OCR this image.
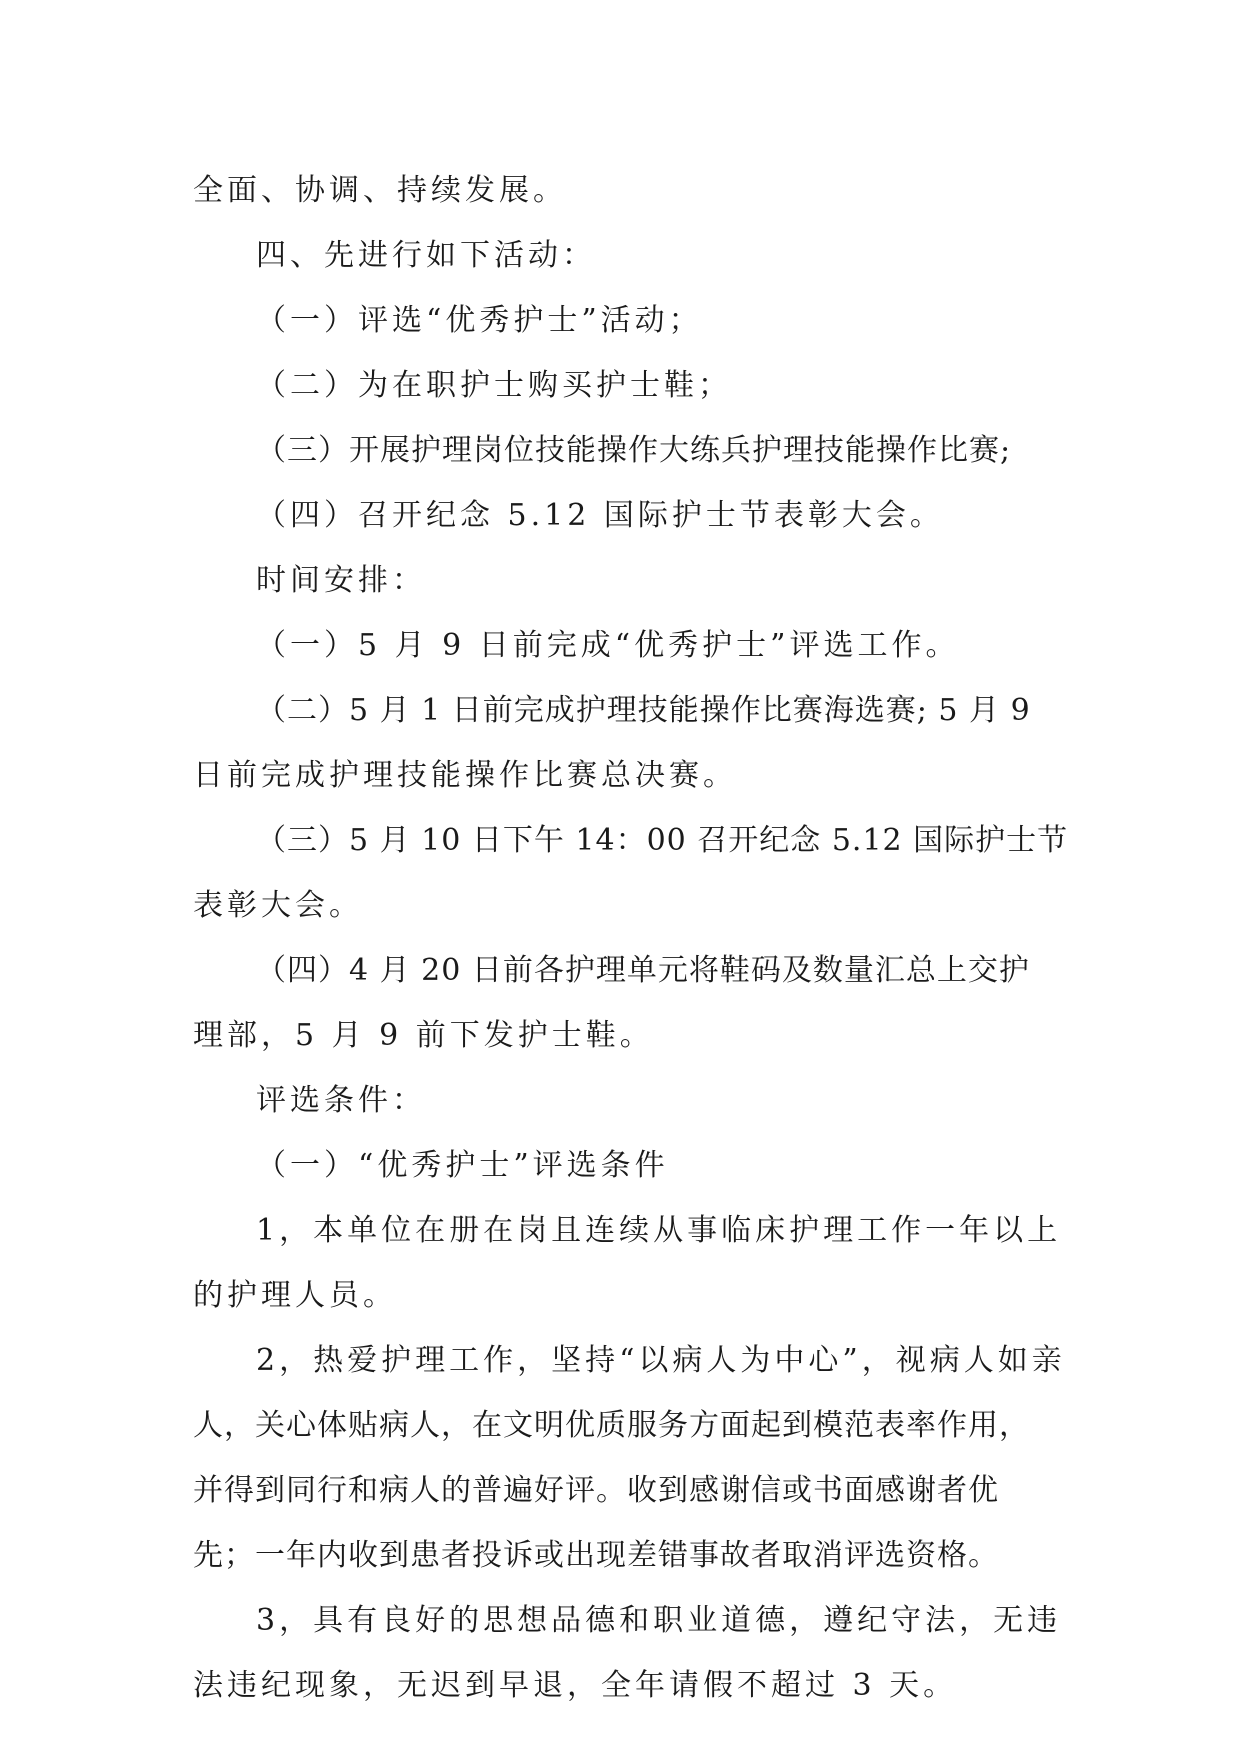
全面、协调、持续发展。

四、先进行如下活动：

（一）评选“优秀护士”活动；

（二）为在职护士购买护士鞋；

（三）开展护理岗位技能操作大练兵护理技能操作比赛;

（四）召开纪念 5.12 国际护士节表彰大会。

时间安排：

（一）5 月 9 日前完成“优秀护士”评选工作。

（二）5 月 1 日前完成护理技能操作比赛海选赛; 5 月 9

日前完成护理技能操作比赛总决赛。

（三）5 月 10 日下午 14：00 召开纪念 5.12 国际护士节

表彰大会。

（四）4 月 20 日前各护理单元将鞋码及数量汇总上交护

理部，5 月 9 前下发护士鞋。

评选条件：

（一）“优秀护士”评选条件

1，本单位在册在岗且连续从事临床护理工作一年以上

的护理人员。

2，热爱护理工作，坚持“以病人为中心”，视病人如亲

人，关心体贴病人，在文明优质服务方面起到模范表率作用，

并得到同行和病人的普遍好评。收到感谢信或书面感谢者优

先；一年内收到患者投诉或出现差错事故者取消评选资格。

3，具有良好的思想品德和职业道德，遵纪守法，无违

法违纪现象，无迟到早退，全年请假不超过 3 天。
